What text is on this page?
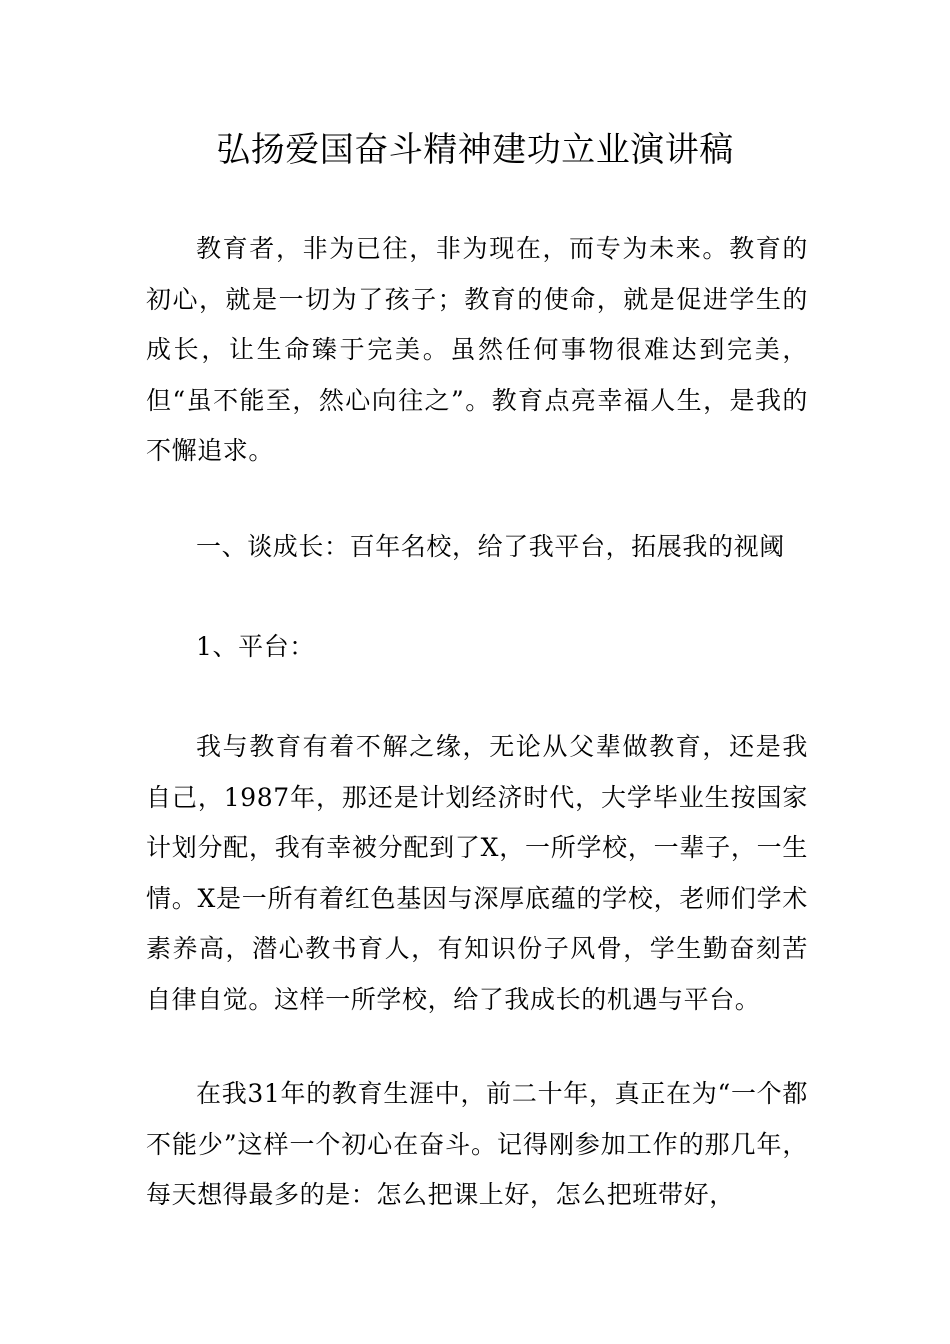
弘扬爱国奋斗精神建功立业演讲稿

教育者，非为已往，非为现在，而专为未来。教育的初心，就是一切为了孩子；教育的使命，就是促进学生的成长，让生命臻于完美。虽然任何事物很难达到完美，但“虽不能至，然心向往之”。教育点亮幸福人生，是我的不懈追求。

一、谈成长：百年名校，给了我平台，拓展我的视阈

1、平台：

我与教育有着不解之缘，无论从父辈做教育，还是我自己，1987年，那还是计划经济时代，大学毕业生按国家计划分配，我有幸被分配到了X，一所学校，一辈子，一生情。X是一所有着红色基因与深厚底蕴的学校，老师们学术素养高，潜心教书育人，有知识份子风骨，学生勤奋刻苦自律自觉。这样一所学校，给了我成长的机遇与平台。

在我31年的教育生涯中，前二十年，真正在为“一个都不能少”这样一个初心在奋斗。记得刚参加工作的那几年，每天想得最多的是：怎么把课上好，怎么把班带好，
